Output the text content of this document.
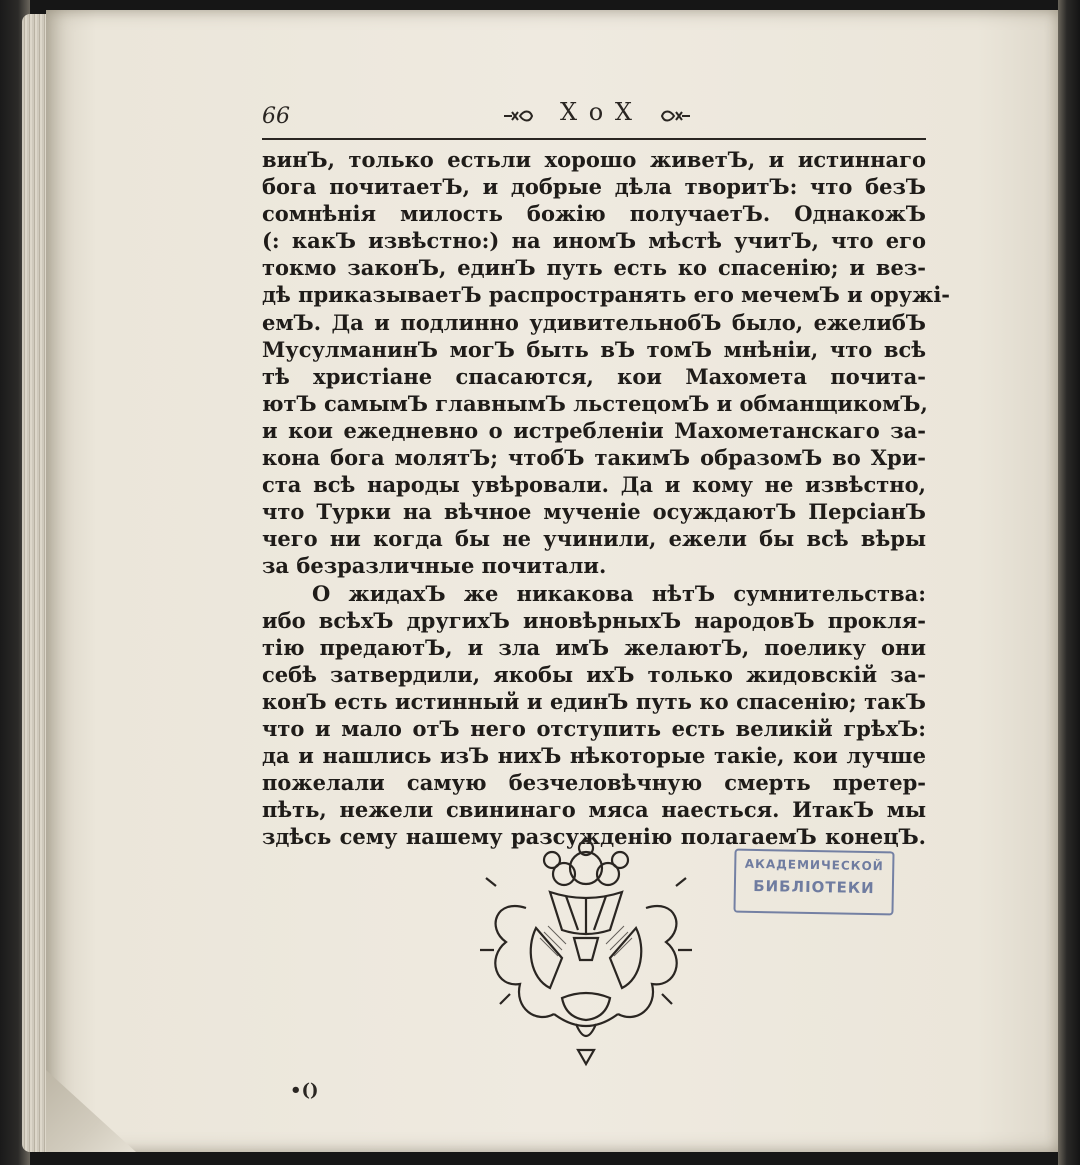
66	Х о Х
винЪ, только естьли хорошо живетЪ, и истиннаго
бога почитаетЪ, и добрые дѣла творитЪ: что безЪ
сомнѣнія милость божію получаетЪ. ОднакожЪ
(: какЪ извѣстно:) на иномЪ мѣстѣ учитЪ, что его
токмо законЪ, единЪ путь есть ко спасенію; и вез-
дѣ приказываетЪ распространять его мечемЪ и оружі-
емЪ. Да и подлинно удивительнобЪ было, ежелибЪ
МусулманинЪ могЪ быть вЪ томЪ мнѣніи, что всѣ
тѣ христіане спасаются, кои Махомета почитa-
ютЪ самымЪ главнымЪ льстецомЪ и обманщикомЪ,
и кои ежедневно о истребленіи Махометанскаго за-
кона бога молятЪ; чтобЪ такимЪ образомЪ во Хри-
ста всѣ народы увѣровали. Да и кому не извѣстно,
что Турки на вѣчное мученіе осуждаютЪ ПерсіанЪ
чего ни когда бы не учинили, ежели бы всѣ вѣры
за безразличные почитали.
О жидахЪ же никакова нѣтЪ сумнительства:
ибо всѣхЪ другихЪ иновѣрныхЪ народовЪ прокля-
тію предаютЪ, и зла имЪ желаютЪ, поелику они
себѣ затвердили, якобы ихЪ только жидовскій за-
конЪ есть истинный и единЪ путь ко спасенію; такЪ
что и мало отЪ него отступить есть великій грѣхЪ:
да и нашлись изЪ нихЪ нѣкоторые такіе, кои лучше
пожелали самую безчеловѣчную смерть претер-
пѣть, нежели свининаго мяса наесться. ИтакЪ мы
здѣсь сему нашему разсужденію полагаемЪ конецЪ.
АКАДЕМИЧЕСКОЙ
БИБЛІОТЕКИ
•()
